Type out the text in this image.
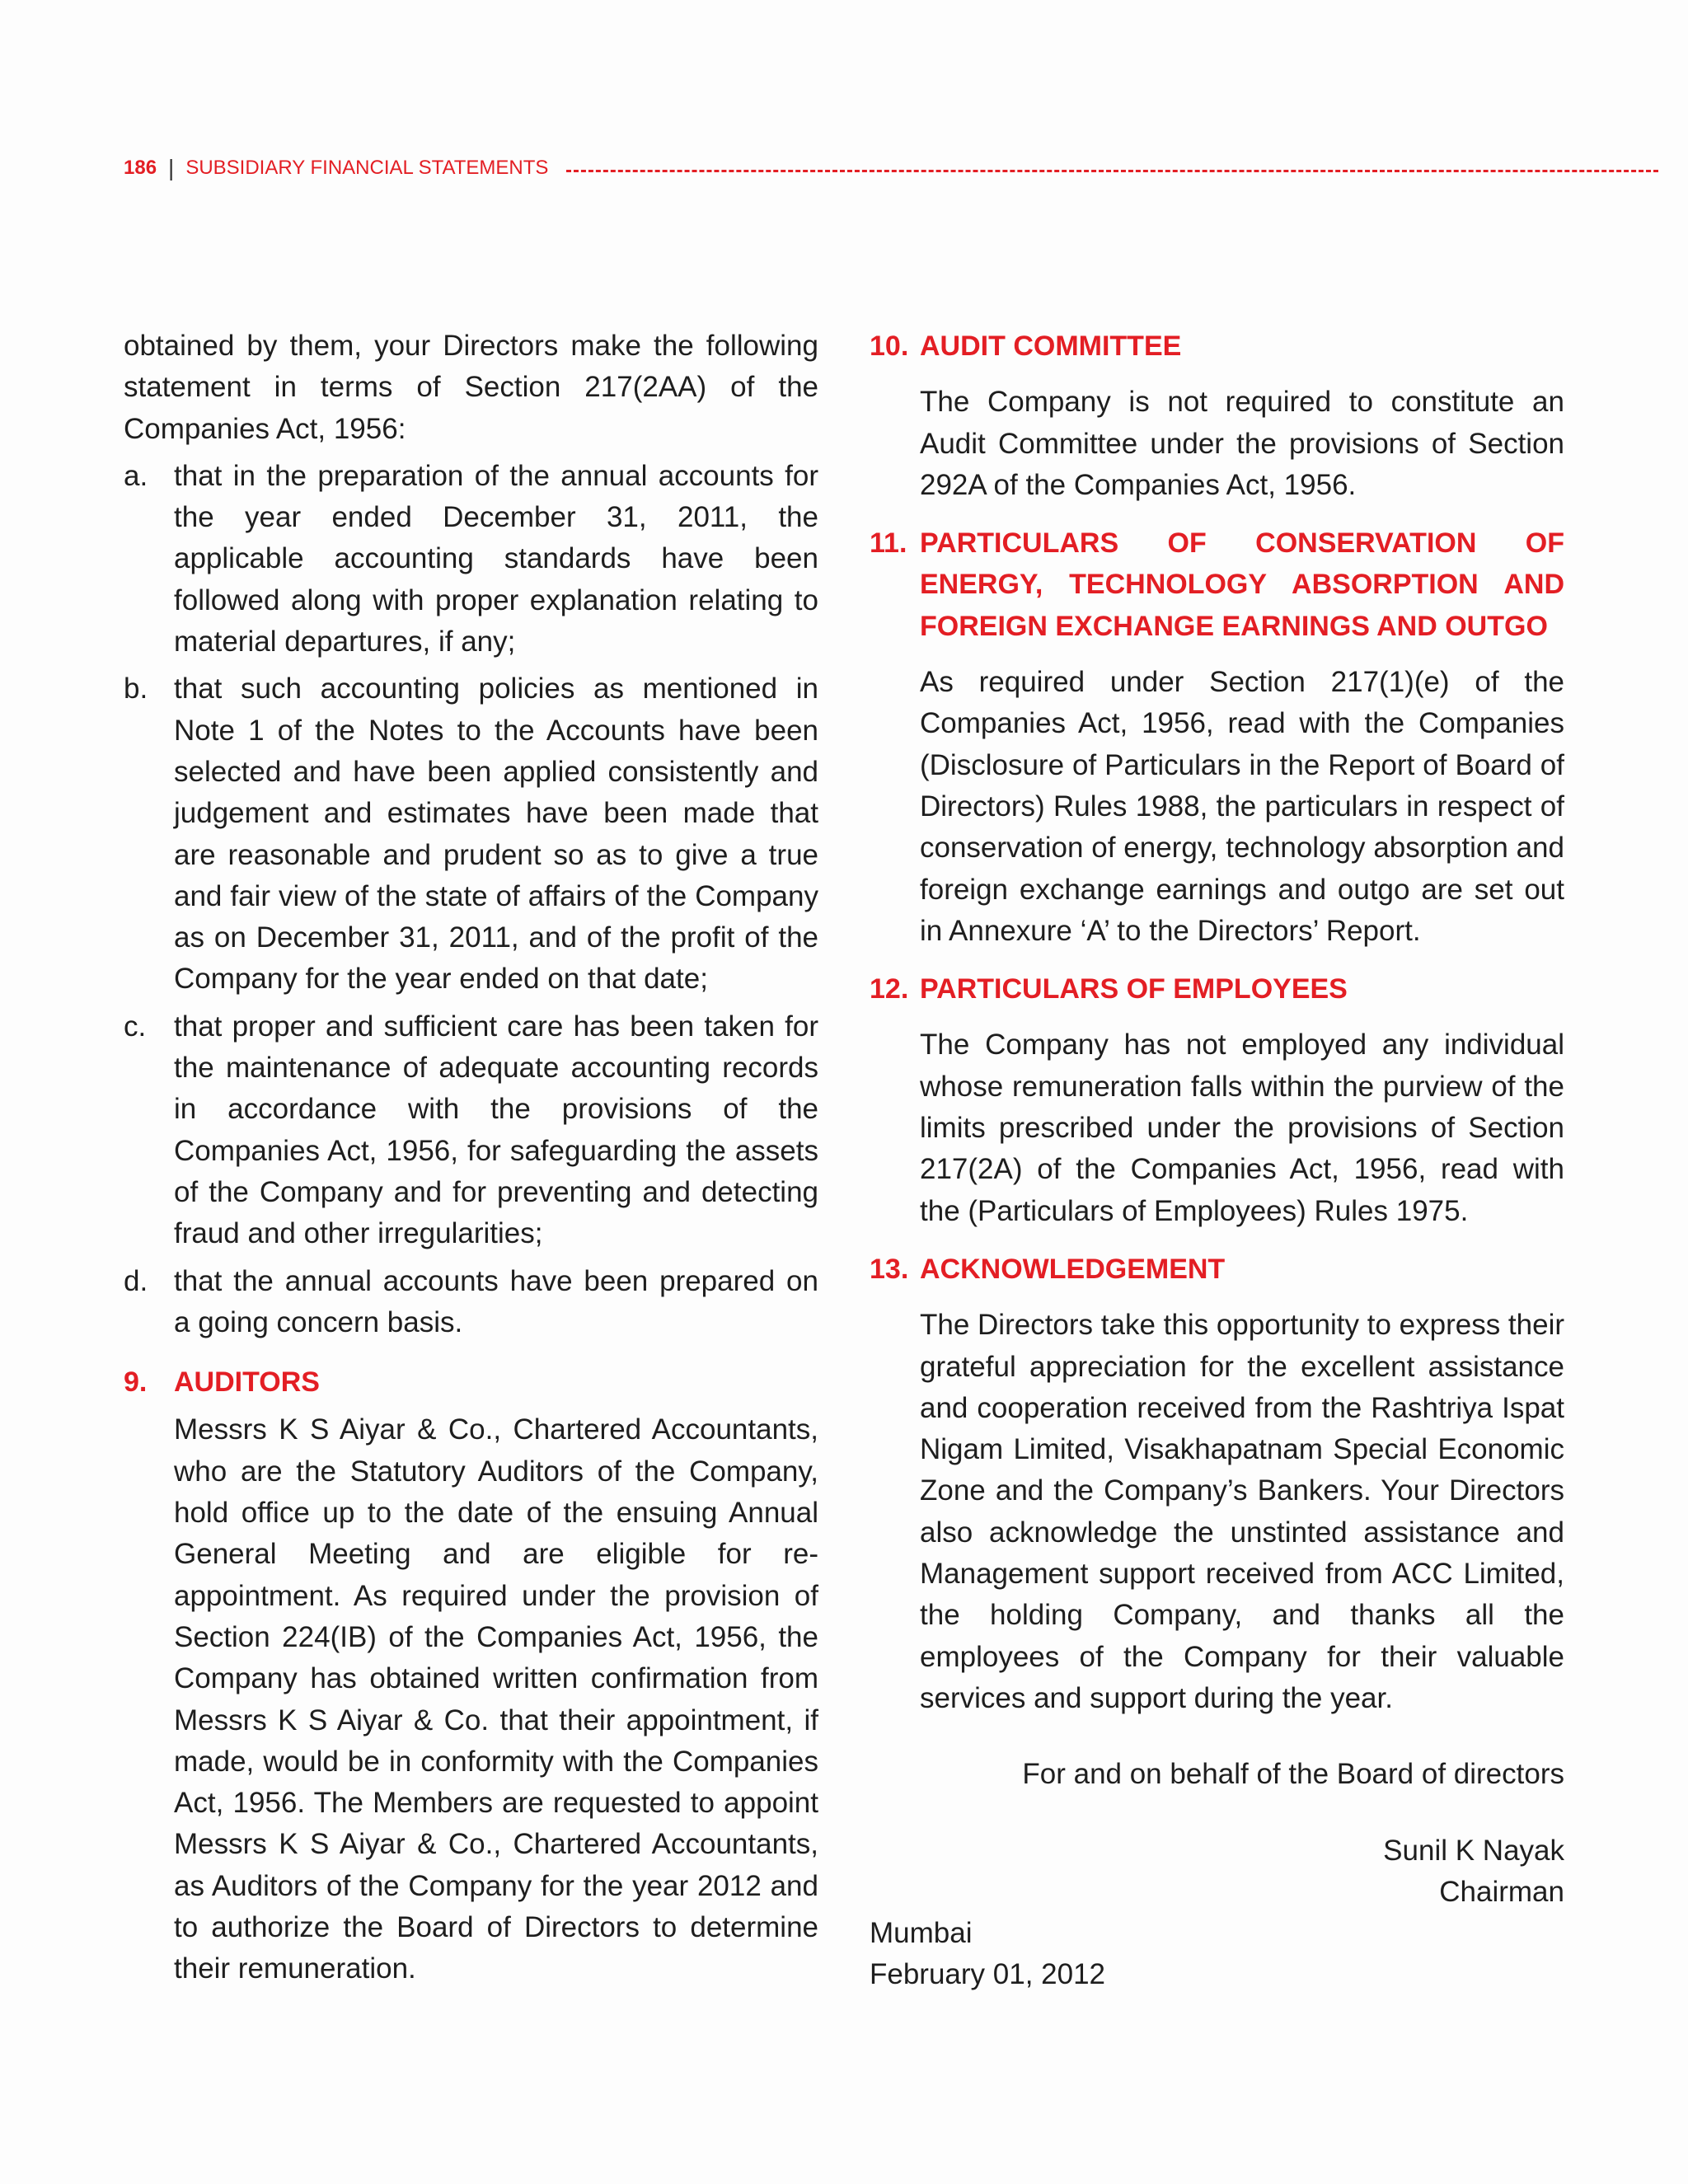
186 | SUBSIDIARY FINANCIAL STATEMENTS

obtained by them, your Directors make the following statement in terms of Section 217(2AA) of the Companies Act, 1956:

a. that in the preparation of the annual accounts for the year ended December 31, 2011, the applicable accounting standards have been followed along with proper explanation relating to material departures, if any;
b. that such accounting policies as mentioned in Note 1 of the Notes to the Accounts have been selected and have been applied consistently and judgement and estimates have been made that are reasonable and prudent so as to give a true and fair view of the state of affairs of the Company as on December 31, 2011, and of the profit of the Company for the year ended on that date;
c. that proper and sufficient care has been taken for the maintenance of adequate accounting records in accordance with the provisions of the Companies Act, 1956, for safeguarding the assets of the Company and for preventing and detecting fraud and other irregularities;
d. that the annual accounts have been prepared on a going concern basis.
9. AUDITORS

Messrs K S Aiyar & Co., Chartered Accountants, who are the Statutory Auditors of the Company, hold office up to the date of the ensuing Annual General Meeting and are eligible for re-appointment. As required under the provision of Section 224(IB) of the Companies Act, 1956, the Company has obtained written confirmation from Messrs K S Aiyar & Co. that their appointment, if made, would be in conformity with the Companies Act, 1956. The Members are requested to appoint Messrs K S Aiyar & Co., Chartered Accountants, as Auditors of the Company for the year 2012 and to authorize the Board of Directors to determine their remuneration.

10. AUDIT COMMITTEE

The Company is not required to constitute an Audit Committee under the provisions of Section 292A of the Companies Act, 1956.

11. PARTICULARS OF CONSERVATION OF ENERGY, TECHNOLOGY ABSORPTION AND FOREIGN EXCHANGE EARNINGS AND OUTGO

As required under Section 217(1)(e) of the Companies Act, 1956, read with the Companies (Disclosure of Particulars in the Report of Board of Directors) Rules 1988, the particulars in respect of conservation of energy, technology absorption and foreign exchange earnings and outgo are set out in Annexure ‘A’ to the Directors’ Report.

12. PARTICULARS OF EMPLOYEES

The Company has not employed any individual whose remuneration falls within the purview of the limits prescribed under the provisions of Section 217(2A) of the Companies Act, 1956, read with the (Particulars of Employees) Rules 1975.

13. ACKNOWLEDGEMENT

The Directors take this opportunity to express their grateful appreciation for the excellent assistance and cooperation received from the Rashtriya Ispat Nigam Limited, Visakhapatnam Special Economic Zone and the Company’s Bankers. Your Directors also acknowledge the unstinted assistance and Management support received from ACC Limited, the holding Company, and thanks all the employees of the Company for their valuable services and support during the year.

For and on behalf of the Board of directors
Sunil K Nayak
Chairman
Mumbai
February 01, 2012
